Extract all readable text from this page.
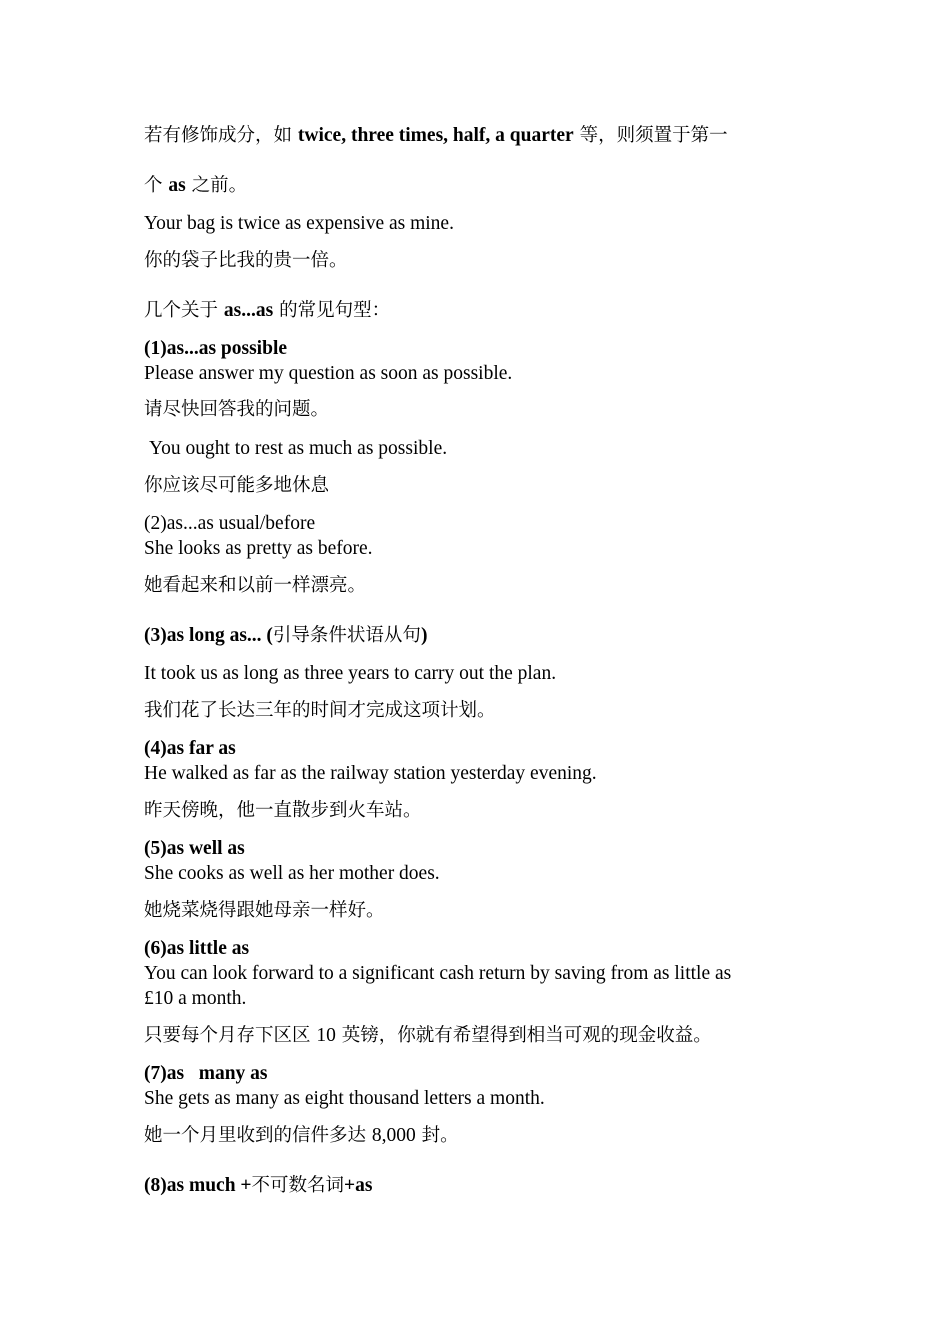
若有修饰成分，如 twice, three times, half, a quarter 等，则须置于第一
个 as 之前。
Your bag is twice as expensive as mine.
你的袋子比我的贵一倍。
几个关于 as...as 的常见句型：
(1)as...as possible
Please answer my question as soon as possible.
请尽快回答我的问题。
You ought to rest as much as possible.
你应该尽可能多地休息
(2)as...as usual/before
She looks as pretty as before.
她看起来和以前一样漂亮。
(3)as long as... (引导条件状语从句)
It took us as long as three years to carry out the plan.
我们花了长达三年的时间才完成这项计划。
(4)as far as
He walked as far as the railway station yesterday evening.
昨天傍晚，他一直散步到火车站。
(5)as well as
She cooks as well as her mother does.
她烧菜烧得跟她母亲一样好。
(6)as little as
You can look forward to a significant cash return by saving from as little as
£10 a month.
只要每个月存下区区 10 英镑，你就有希望得到相当可观的现金收益。
(7)as   many as
She gets as many as eight thousand letters a month.
她一个月里收到的信件多达 8,000 封。
(8)as much +不可数名词+as
